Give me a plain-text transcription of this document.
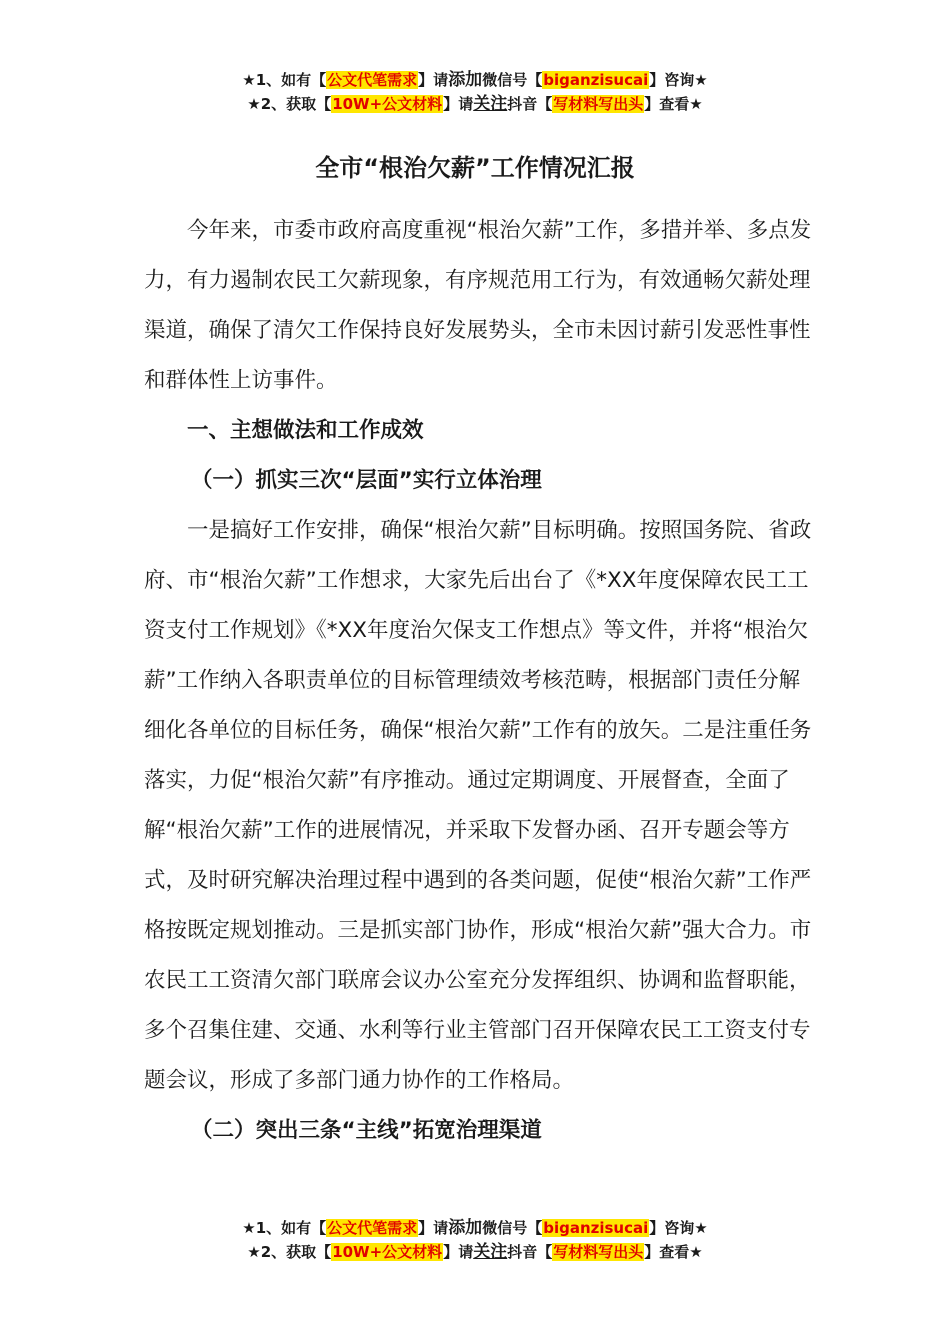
★1、如有【公文代笔需求】请添加微信号【biganzisucai】咨询★
★2、获取【10W+公文材料】请关注抖音【写材料写出头】查看★
全市“根治欠薪”工作情况汇报

今年来，市委市政府高度重视“根治欠薪”工作，多措并举、多点发力，有力遏制农民工欠薪现象，有序规范用工行为，有效通畅欠薪处理渠道，确保了清欠工作保持良好发展势头，全市未因讨薪引发恶性事性和群体性上访事件。

一、主想做法和工作成效

（一）抓实三次“层面”实行立体治理

一是搞好工作安排，确保“根治欠薪”目标明确。按照国务院、省政府、市“根治欠薪”工作想求，大家先后出台了《*XX年度保障农民工工资支付工作规划》《*XX年度治欠保支工作想点》等文件，并将“根治欠薪”工作纳入各职责单位的目标管理绩效考核范畴，根据部门责任分解细化各单位的目标任务，确保“根治欠薪”工作有的放矢。二是注重任务落实，力促“根治欠薪”有序推动。通过定期调度、开展督查，全面了解“根治欠薪”工作的进展情况，并采取下发督办函、召开专题会等方式，及时研究解决治理过程中遇到的各类问题，促使“根治欠薪”工作严格按既定规划推动。三是抓实部门协作，形成“根治欠薪”强大合力。市农民工工资清欠部门联席会议办公室充分发挥组织、协调和监督职能，多个召集住建、交通、水利等行业主管部门召开保障农民工工资支付专题会议，形成了多部门通力协作的工作格局。

（二）突出三条“主线”拓宽治理渠道

★1、如有【公文代笔需求】请添加微信号【biganzisucai】咨询★
★2、获取【10W+公文材料】请关注抖音【写材料写出头】查看★
